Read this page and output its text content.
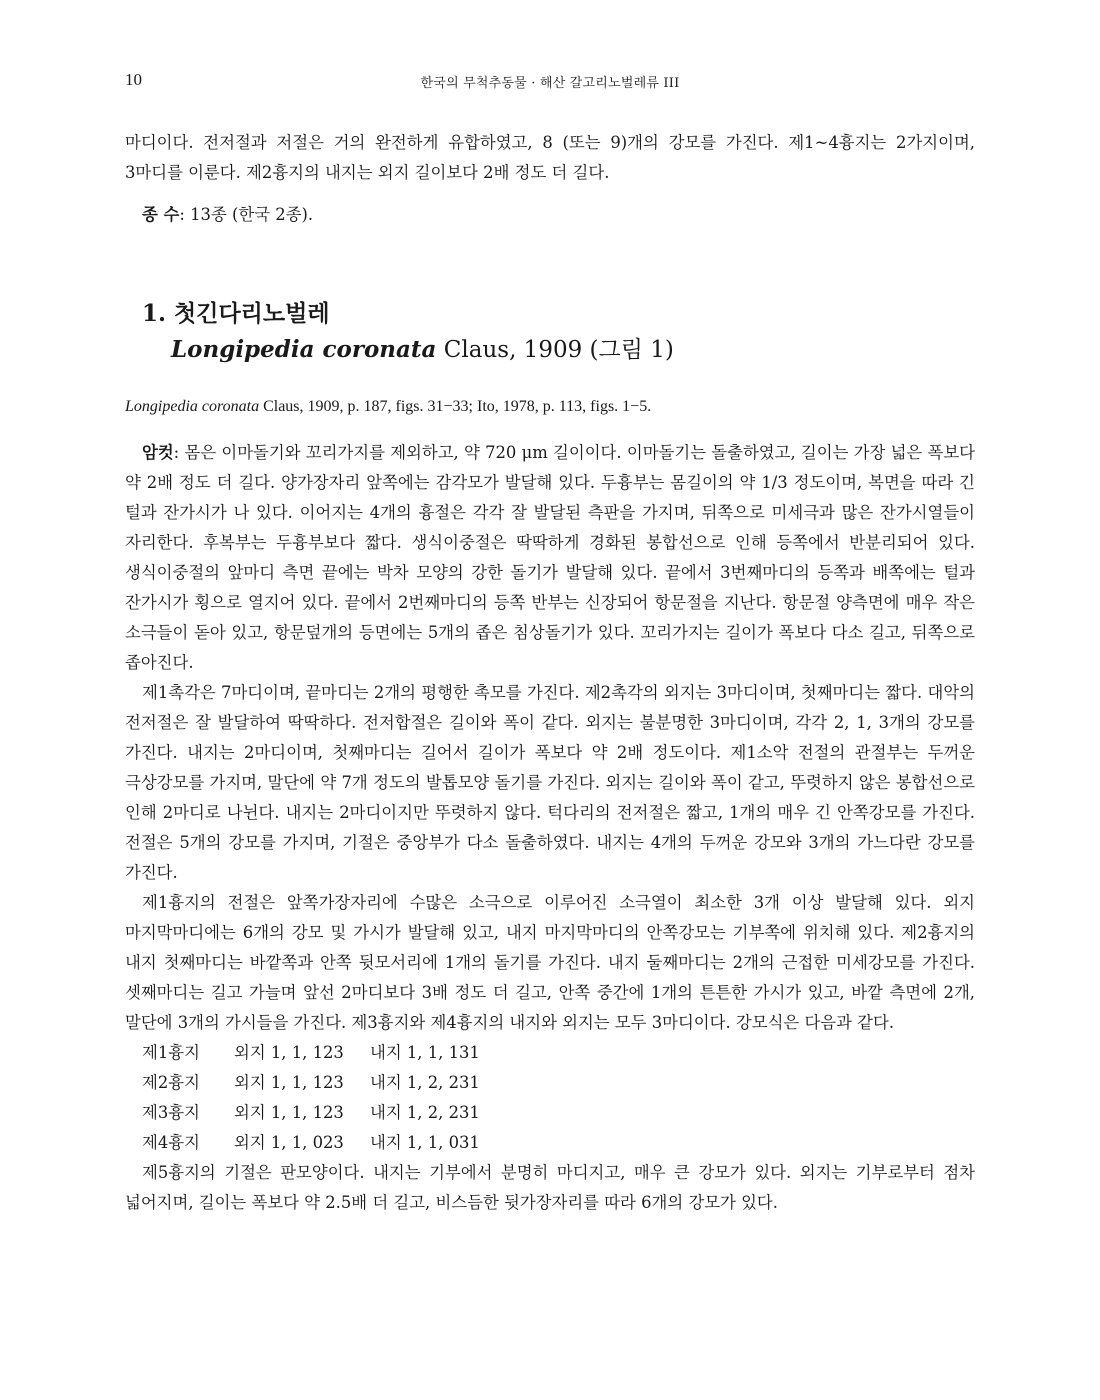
10	한국의 무척추동물 · 해산 갈고리노벌레류 III

마디이다. 전저절과 저절은 거의 완전하게 유합하였고, 8 (또는 9)개의 강모를 가진다. 제1~4흉지는 2가지이며, 3마디를 이룬다. 제2흉지의 내지는 외지 길이보다 2배 정도 더 길다.

종 수: 13종 (한국 2종).

1. 첫긴다리노벌레
Longipedia coronata Claus, 1909 (그림 1)

Longipedia coronata Claus, 1909, p. 187, figs. 31−33; Ito, 1978, p. 113, figs. 1−5.

암컷: 몸은 이마돌기와 꼬리가지를 제외하고, 약 720 μm 길이이다. 이마돌기는 돌출하였고, 길이는 가장 넓은 폭보다 약 2배 정도 더 길다. 양가장자리 앞쪽에는 감각모가 발달해 있다. 두흉부는 몸길이의 약 1/3 정도이며, 복면을 따라 긴 털과 잔가시가 나 있다. 이어지는 4개의 흉절은 각각 잘 발달된 측판을 가지며, 뒤쪽으로 미세극과 많은 잔가시열들이 자리한다. 후복부는 두흉부보다 짧다. 생식이중절은 딱딱하게 경화된 봉합선으로 인해 등쪽에서 반분리되어 있다. 생식이중절의 앞마디 측면 끝에는 박차 모양의 강한 돌기가 발달해 있다. 끝에서 3번째마디의 등쪽과 배쪽에는 털과 잔가시가 횡으로 열지어 있다. 끝에서 2번째마디의 등쪽 반부는 신장되어 항문절을 지난다. 항문절 양측면에 매우 작은 소극들이 돋아 있고, 항문덮개의 등면에는 5개의 좁은 침상돌기가 있다. 꼬리가지는 길이가 폭보다 다소 길고, 뒤쪽으로 좁아진다.

제1촉각은 7마디이며, 끝마디는 2개의 평행한 촉모를 가진다. 제2촉각의 외지는 3마디이며, 첫째마디는 짧다. 대악의 전저절은 잘 발달하여 딱딱하다. 전저합절은 길이와 폭이 같다. 외지는 불분명한 3마디이며, 각각 2, 1, 3개의 강모를 가진다. 내지는 2마디이며, 첫째마디는 길어서 길이가 폭보다 약 2배 정도이다. 제1소악 전절의 관절부는 두꺼운 극상강모를 가지며, 말단에 약 7개 정도의 발톱모양 돌기를 가진다. 외지는 길이와 폭이 같고, 뚜렷하지 않은 봉합선으로 인해 2마디로 나뉜다. 내지는 2마디이지만 뚜렷하지 않다. 턱다리의 전저절은 짧고, 1개의 매우 긴 안쪽강모를 가진다. 전절은 5개의 강모를 가지며, 기절은 중앙부가 다소 돌출하였다. 내지는 4개의 두꺼운 강모와 3개의 가느다란 강모를 가진다.

제1흉지의 전절은 앞쪽가장자리에 수많은 소극으로 이루어진 소극열이 최소한 3개 이상 발달해 있다. 외지 마지막마디에는 6개의 강모 및 가시가 발달해 있고, 내지 마지막마디의 안쪽강모는 기부쪽에 위치해 있다. 제2흉지의 내지 첫째마디는 바깥쪽과 안쪽 뒷모서리에 1개의 돌기를 가진다. 내지 둘째마디는 2개의 근접한 미세강모를 가진다. 셋째마디는 길고 가늘며 앞선 2마디보다 3배 정도 더 길고, 안쪽 중간에 1개의 튼튼한 가시가 있고, 바깥 측면에 2개, 말단에 3개의 가시들을 가진다. 제3흉지와 제4흉지의 내지와 외지는 모두 3마디이다. 강모식은 다음과 같다.

제1흉지 외지 1, 1, 123 내지 1, 1, 131
제2흉지 외지 1, 1, 123 내지 1, 2, 231
제3흉지 외지 1, 1, 123 내지 1, 2, 231
제4흉지 외지 1, 1, 023 내지 1, 1, 031

제5흉지의 기절은 판모양이다. 내지는 기부에서 분명히 마디지고, 매우 큰 강모가 있다. 외지는 기부로부터 점차 넓어지며, 길이는 폭보다 약 2.5배 더 길고, 비스듬한 뒷가장자리를 따라 6개의 강모가 있다.
